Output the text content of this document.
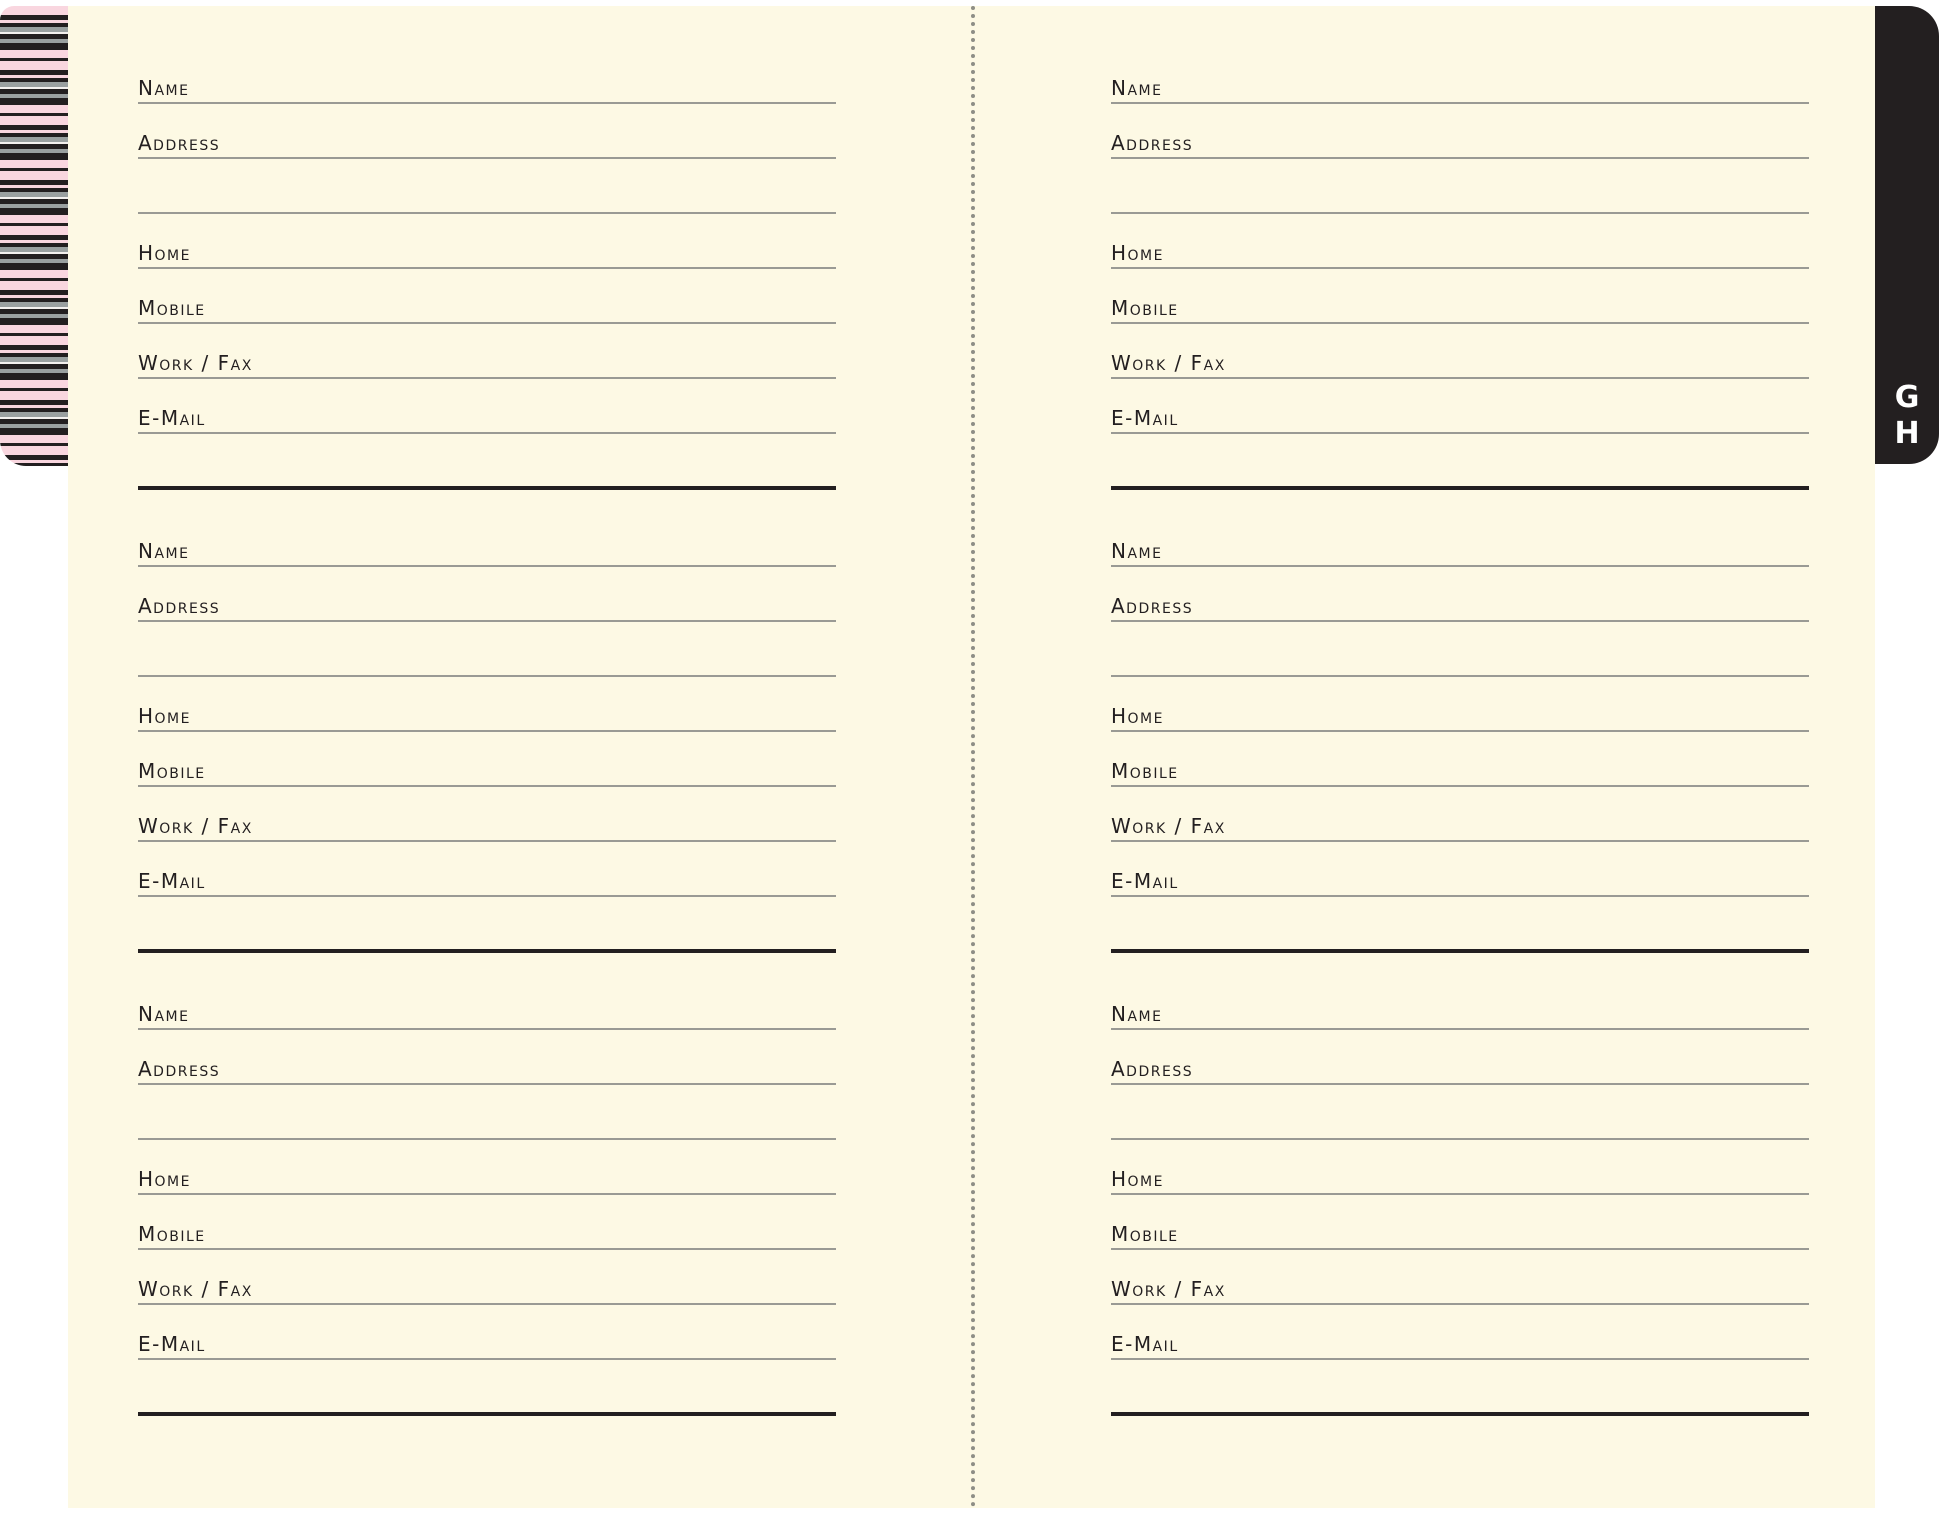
G
H
Name
Address
Home
Mobile
Work / Fax
E-Mail
Name
Address
Home
Mobile
Work / Fax
E-Mail
Name
Address
Home
Mobile
Work / Fax
E-Mail
Name
Address
Home
Mobile
Work / Fax
E-Mail
Name
Address
Home
Mobile
Work / Fax
E-Mail
Name
Address
Home
Mobile
Work / Fax
E-Mail
